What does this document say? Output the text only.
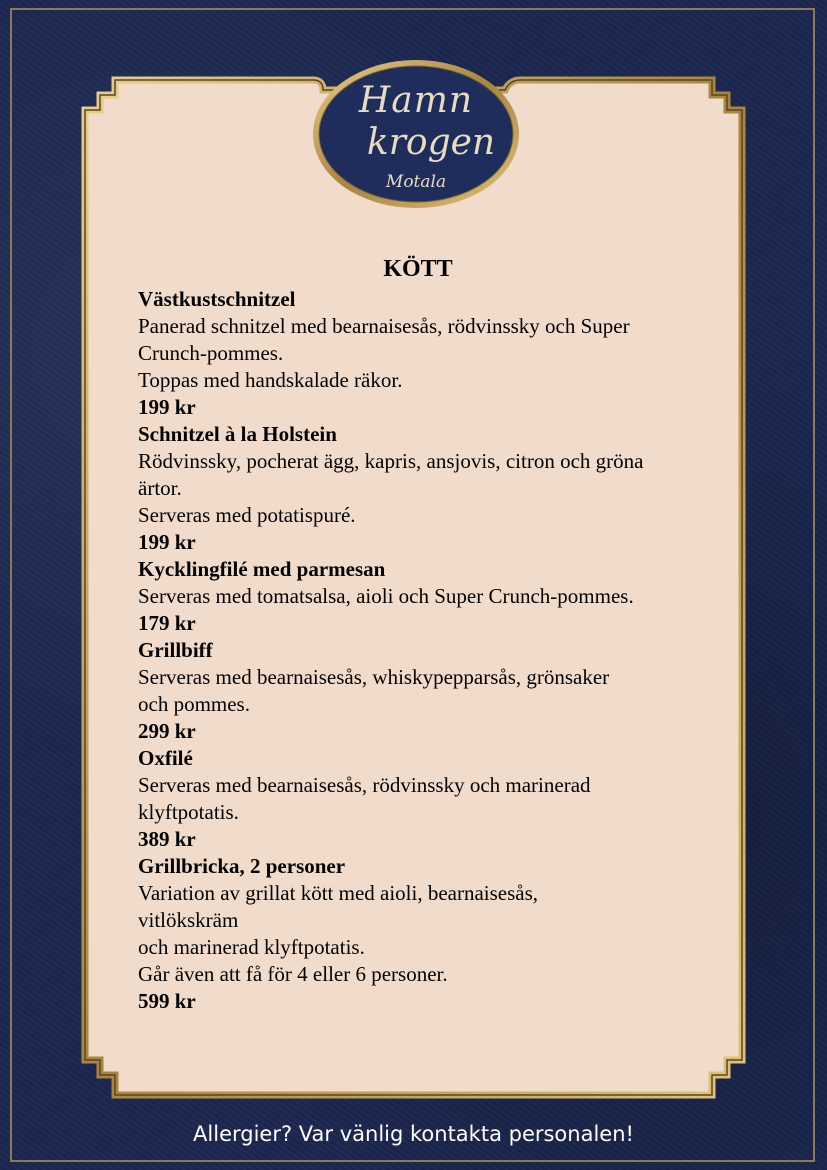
Hamn
krogen
Motala
KÖTT
Västkustschnitzel
Panerad schnitzel med bearnaisesås, rödvinssky och Super
Crunch-pommes.
Toppas med handskalade räkor.
199 kr
Schnitzel à la Holstein
Rödvinssky, pocherat ägg, kapris, ansjovis, citron och gröna
ärtor.
Serveras med potatispuré.
199 kr
Kycklingfilé med parmesan
Serveras med tomatsalsa, aioli och Super Crunch-pommes.
179 kr
Grillbiff
Serveras med bearnaisesås, whiskypepparsås, grönsaker
och pommes.
299 kr
Oxfilé
Serveras med bearnaisesås, rödvinssky och marinerad
klyftpotatis.
389 kr
Grillbricka, 2 personer
Variation av grillat kött med aioli, bearnaisesås,
vitlökskräm
och marinerad klyftpotatis.
Går även att få för 4 eller 6 personer.
599 kr
Allergier? Var vänlig kontakta personalen!
